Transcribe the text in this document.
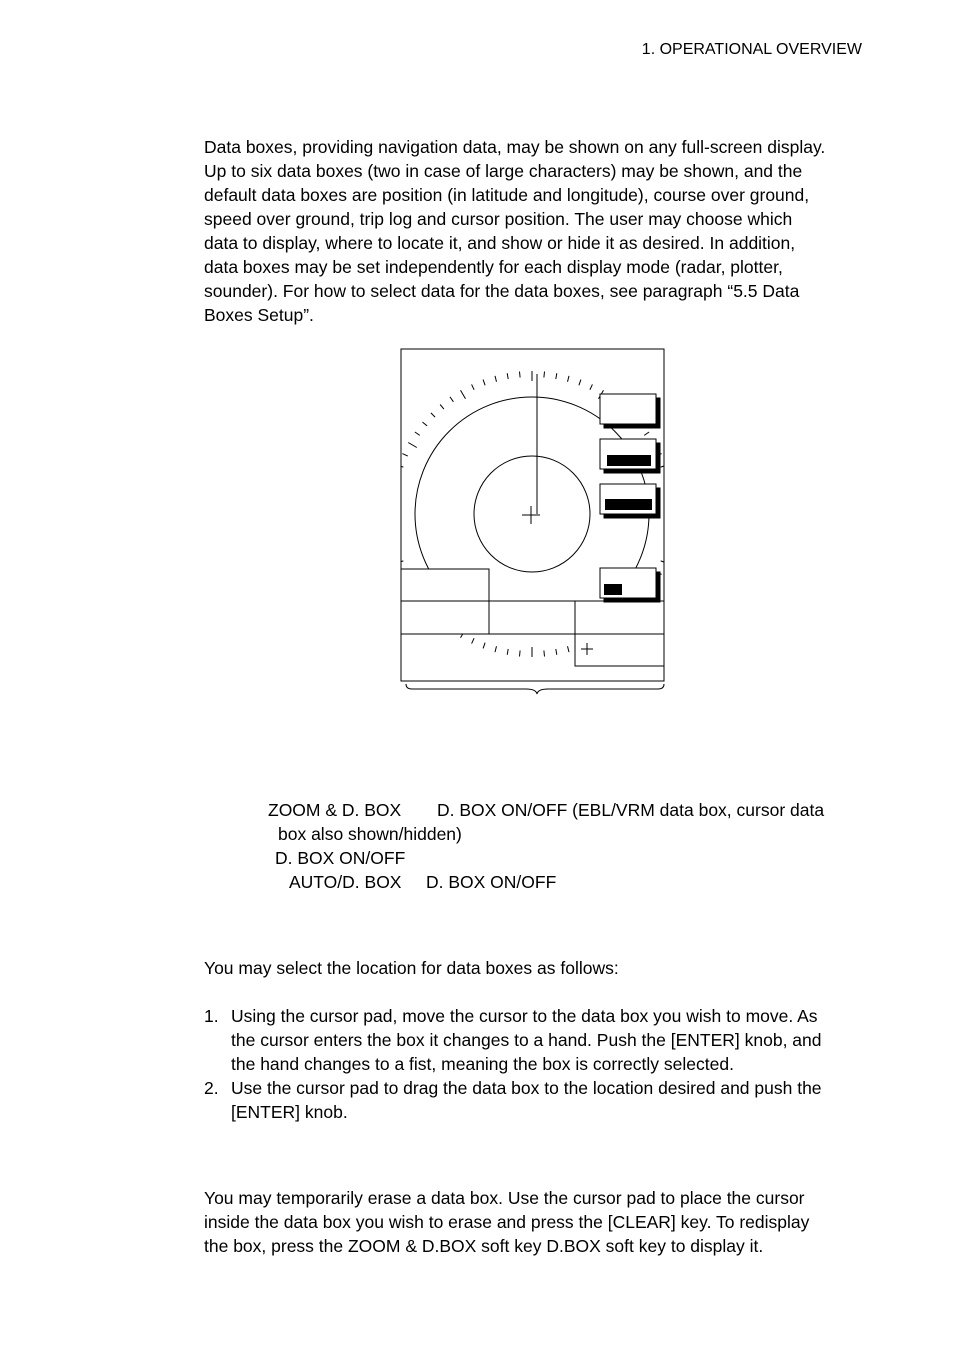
1. OPERATIONAL OVERVIEW
Data boxes, providing navigation data, may be shown on any full-screen display.
Up to six data boxes (two in case of large characters) may be shown, and the
default data boxes are position (in latitude and longitude), course over ground,
speed over ground, trip log and cursor position. The user may choose which
data to display, where to locate it, and show or hide it as desired. In addition,
data boxes may be set independently for each display mode (radar, plotter,
sounder). For how to select data for the data boxes, see paragraph “5.5 Data
Boxes Setup”.
ZOOM & D. BOX D. BOX ON/OFF (EBL/VRM data box, cursor data
box also shown/hidden)
D. BOX ON/OFF
AUTO/D. BOX D. BOX ON/OFF
You may select the location for data boxes as follows:
1. Using the cursor pad, move the cursor to the data box you wish to move. As
the cursor enters the box it changes to a hand. Push the [ENTER] knob, and
the hand changes to a fist, meaning the box is correctly selected.
2. Use the cursor pad to drag the data box to the location desired and push the
[ENTER] knob.
You may temporarily erase a data box. Use the cursor pad to place the cursor
inside the data box you wish to erase and press the [CLEAR] key. To redisplay
the box, press the ZOOM & D.BOX soft key D.BOX soft key to display it.
